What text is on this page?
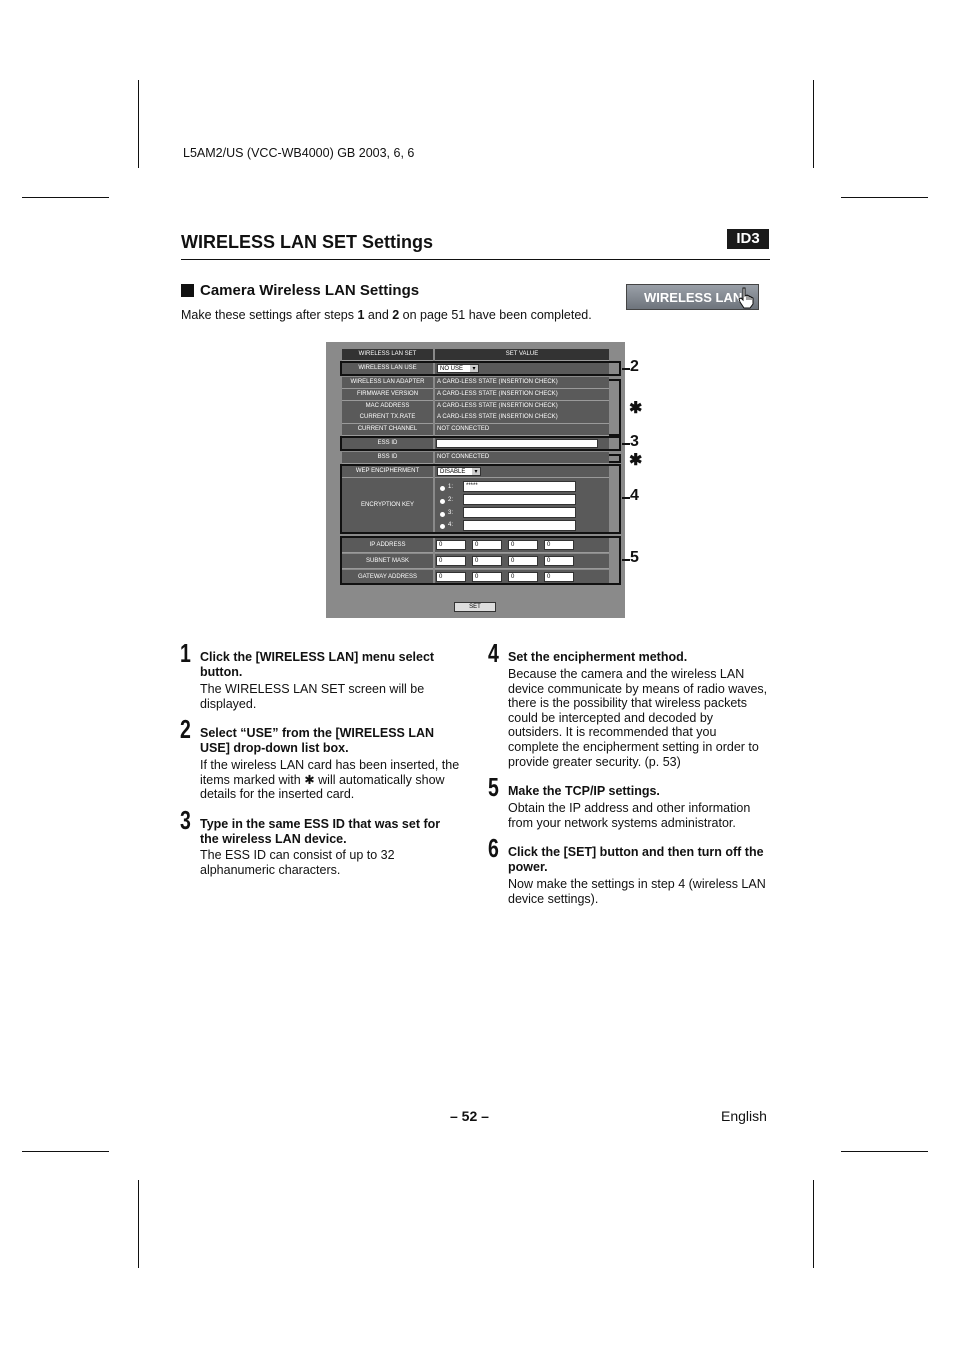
L5AM2/US (VCC-WB4000) GB 2003, 6, 6
WIRELESS LAN SET Settings	ID3
Camera Wireless LAN Settings	WIRELESS LAN
Make these settings after steps 1 and 2 on page 51 have been completed.
WIRELESS LAN SET	SET VALUE
WIRELESS LAN USE	NO USE	▾
WIRELESS LAN ADAPTER	A CARD-LESS STATE (INSERTION CHECK)
FIRMWARE VERSION	A CARD-LESS STATE (INSERTION CHECK)
MAC ADDRESS	A CARD-LESS STATE (INSERTION CHECK)
CURRENT TX.RATE	A CARD-LESS STATE (INSERTION CHECK)
CURRENT CHANNEL	NOT CONNECTED
ESS ID
BSS ID	NOT CONNECTED
WEP ENCIPHERMENT	DISABLE	▾
ENCRYPTION KEY
1:	*****
2:
3:
4:
IP ADDRESS	0	0	0	0
SUBNET MASK	0	0	0	0
GATEWAY ADDRESS	0	0	0	0
SET
2
✱
3
✱
4
5
1 Click the [WIRELESS LAN] menu select button.
The WIRELESS LAN SET screen will be displayed.
2 Select “USE” from the [WIRELESS LAN USE] drop-down list box.
If the wireless LAN card has been inserted, the items marked with ✱ will automatically show details for the inserted card.
3 Type in the same ESS ID that was set for the wireless LAN device.
The ESS ID can consist of up to 32 alphanumeric characters.
4 Set the encipherment method.
Because the camera and the wireless LAN device communicate by means of radio waves, there is the possibility that wireless packets could be intercepted and decoded by outsiders. It is recommended that you complete the encipherment setting in order to provide greater security. (p. 53)
5 Make the TCP/IP settings.
Obtain the IP address and other information from your network systems administrator.
6 Click the [SET] button and then turn off the power.
Now make the settings in step 4 (wireless LAN device settings).
– 52 –	English
